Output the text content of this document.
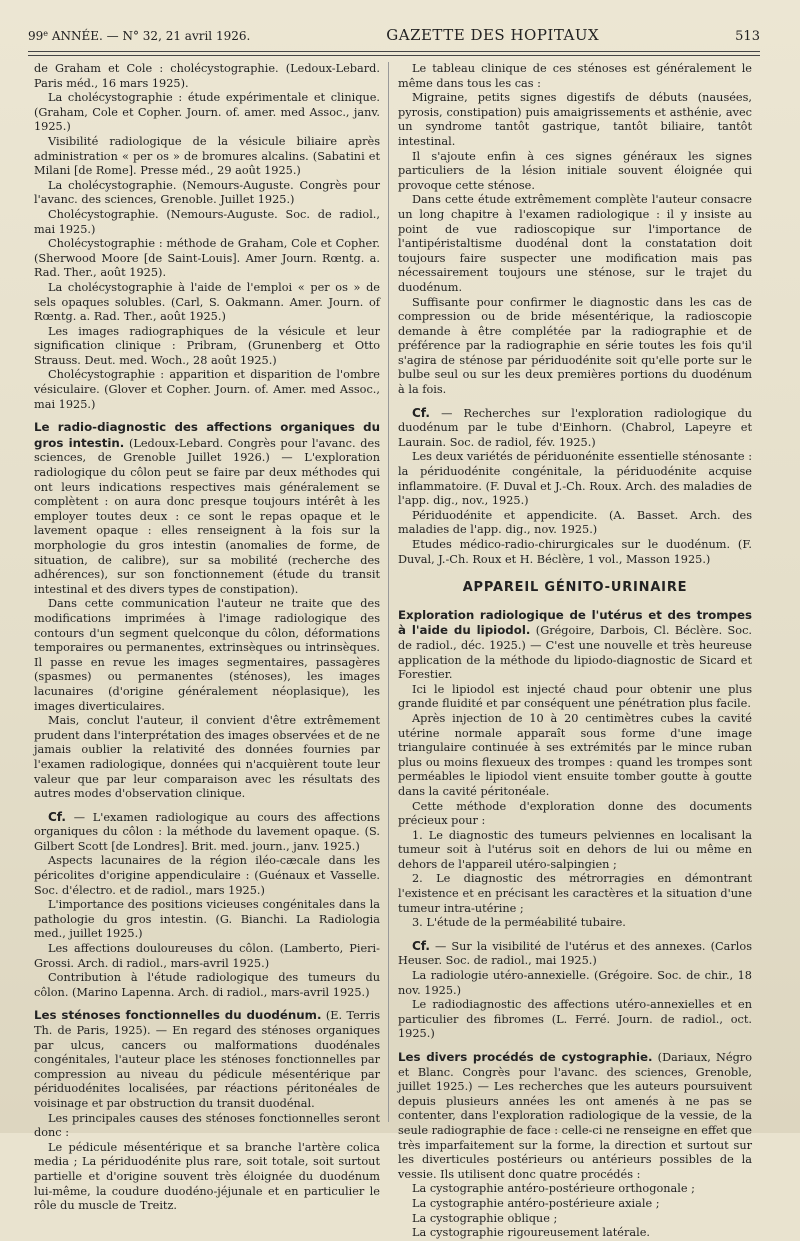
99e ANNÉE. — N° 32, 21 avril 1926.	GAZETTE DES HOPITAUX	513

de Graham et Cole : cholécystographie. (Ledoux-Lebard. Paris méd., 16 mars 1925).

La cholécystographie : étude expérimentale et clinique. (Graham, Cole et Copher. Journ. of. amer. med Assoc., janv. 1925.)

Visibilité radiologique de la vésicule biliaire après administration « per os » de bromures alcalins. (Sabatini et Milani [de Rome]. Presse méd., 29 août 1925.)

La cholécystographie. (Nemours-Auguste. Congrès pour l'avanc. des sciences, Grenoble. Juillet 1925.)

Cholécystographie. (Nemours-Auguste. Soc. de radiol., mai 1925.)

Cholécystographie : méthode de Graham, Cole et Copher. (Sherwood Moore [de Saint-Louis]. Amer Journ. Rœntg. a. Rad. Ther., août 1925).

La cholécystographie à l'aide de l'emploi « per os » de sels opaques solubles. (Carl, S. Oakmann. Amer. Journ. of Rœntg. a. Rad. Ther., août 1925.)

Les images radiographiques de la vésicule et leur signification clinique : Pribram, (Grunenberg et Otto Strauss. Deut. med. Woch., 28 août 1925.)

Cholécystographie : apparition et disparition de l'ombre vésiculaire. (Glover et Copher. Journ. of. Amer. med Assoc., mai 1925.)

Le radio-diagnostic des affections organiques du gros intestin. (Ledoux-Lebard. Congrès pour l'avanc. des sciences, de Grenoble Juillet 1926.) — L'exploration radiologique du côlon peut se faire par deux méthodes qui ont leurs indications respectives mais généralement se complètent : on aura donc presque toujours intérêt à les employer toutes deux : ce sont le repas opaque et le lavement opaque : elles renseignent à la fois sur la morphologie du gros intestin (anomalies de forme, de situation, de calibre), sur sa mobilité (recherche des adhérences), sur son fonctionnement (étude du transit intestinal et des divers types de constipation).

Dans cette communication l'auteur ne traite que des modifications imprimées à l'image radiologique des contours d'un segment quelconque du côlon, déformations temporaires ou permanentes, extrinsèques ou intrinsèques. Il passe en revue les images segmentaires, passagères (spasmes) ou permanentes (sténoses), les images lacunaires (d'origine généralement néoplasique), les images diverticulaires.

Mais, conclut l'auteur, il convient d'être extrêmement prudent dans l'interprétation des images observées et de ne jamais oublier la relativité des données fournies par l'examen radiologique, données qui n'acquièrent toute leur valeur que par leur comparaison avec les résultats des autres modes d'observation clinique.

Cf. — L'examen radiologique au cours des affections organiques du côlon : la méthode du lavement opaque. (S. Gilbert Scott [de Londres]. Brit. med. journ., janv. 1925.)

Aspects lacunaires de la région iléo-cæcale dans les péricolites d'origine appendiculaire : (Guénaux et Vasselle. Soc. d'électro. et de radiol., mars 1925.)

L'importance des positions vicieuses congénitales dans la pathologie du gros intestin. (G. Bianchi. La Radiologia med., juillet 1925.)

Les affections douloureuses du côlon. (Lamberto, Pieri-Grossi. Arch. di radiol., mars-avril 1925.)

Contribution à l'étude radiologique des tumeurs du côlon. (Marino Lapenna. Arch. di radiol., mars-avril 1925.)

Les sténoses fonctionnelles du duodénum. (E. Terris Th. de Paris, 1925). — En regard des sténoses organiques par ulcus, cancers ou malformations duodénales congénitales, l'auteur place les sténoses fonctionnelles par compression au niveau du pédicule mésentérique par périduodénites localisées, par réactions péritonéales de voisinage et par obstruction du transit duodénal.

Les principales causes des sténoses fonctionnelles seront donc :

Le pédicule mésentérique et sa branche l'artère colica media ; La périduodénite plus rare, soit totale, soit surtout partielle et d'origine souvent très éloignée du duodénum lui-même, la coudure duodéno-jéjunale et en particulier le rôle du muscle de Treitz.

Le tableau clinique de ces sténoses est généralement le même dans tous les cas :

Migraine, petits signes digestifs de débuts (nausées, pyrosis, constipation) puis amaigrissements et asthénie, avec un syndrome tantôt gastrique, tantôt biliaire, tantôt intestinal.

Il s'ajoute enfin à ces signes généraux les signes particuliers de la lésion initiale souvent éloignée qui provoque cette sténose.

Dans cette étude extrêmement complète l'auteur consacre un long chapitre à l'examen radiologique : il y insiste au point de vue radioscopique sur l'importance de l'antipéristaltisme duodénal dont la constatation doit toujours faire suspecter une modification mais pas nécessairement toujours une sténose, sur le trajet du duodénum.

Suffisante pour confirmer le diagnostic dans les cas de compression ou de bride mésentérique, la radioscopie demande à être complétée par la radiographie et de préférence par la radiographie en série toutes les fois qu'il s'agira de sténose par périduodénite soit qu'elle porte sur le bulbe seul ou sur les deux premières portions du duodénum à la fois.

Cf. — Recherches sur l'exploration radiologique du duodénum par le tube d'Einhorn. (Chabrol, Lapeyre et Laurain. Soc. de radiol, fév. 1925.)

Les deux variétés de périduonénite essentielle sténosante : la périduodénite congénitale, la périduodénite acquise inflammatoire. (F. Duval et J.-Ch. Roux. Arch. des maladies de l'app. dig., nov., 1925.)

Périduodénite et appendicite. (A. Basset. Arch. des maladies de l'app. dig., nov. 1925.)

Etudes médico-radio-chirurgicales sur le duodénum. (F. Duval, J.-Ch. Roux et H. Béclère, 1 vol., Masson 1925.)

APPAREIL GÉNITO-URINAIRE

Exploration radiologique de l'utérus et des trompes à l'aide du lipiodol. (Grégoire, Darbois, Cl. Béclère. Soc. de radiol., déc. 1925.) — C'est une nouvelle et très heureuse application de la méthode du lipiodo-diagnostic de Sicard et Forestier.

Ici le lipiodol est injecté chaud pour obtenir une plus grande fluidité et par conséquent une pénétration plus facile.

Après injection de 10 à 20 centimètres cubes la cavité utérine normale apparaît sous forme d'une image triangulaire continuée à ses extrémités par le mince ruban plus ou moins flexueux des trompes : quand les trompes sont perméables le lipiodol vient ensuite tomber goutte à goutte dans la cavité péritonéale.

Cette méthode d'exploration donne des documents précieux pour :

1. Le diagnostic des tumeurs pelviennes en localisant la tumeur soit à l'utérus soit en dehors de lui ou même en dehors de l'appareil utéro-salpingien ;

2. Le diagnostic des métrorragies en démontrant l'existence et en précisant les caractères et la situation d'une tumeur intra-utérine ;

3. L'étude de la perméabilité tubaire.

Cf. — Sur la visibilité de l'utérus et des annexes. (Carlos Heuser. Soc. de radiol., mai 1925.)

La radiologie utéro-annexielle. (Grégoire. Soc. de chir., 18 nov. 1925.)

Le radiodiagnostic des affections utéro-annexielles et en particulier des fibromes (L. Ferré. Journ. de radiol., oct. 1925.)

Les divers procédés de cystographie. (Dariaux, Négro et Blanc. Congrès pour l'avanc. des sciences, Grenoble, juillet 1925.) — Les recherches que les auteurs poursuivent depuis plusieurs années les ont amenés à ne pas se contenter, dans l'exploration radiologique de la vessie, de la seule radiographie de face : celle-ci ne renseigne en effet que très imparfaitement sur la forme, la direction et surtout sur les diverticules postérieurs ou antérieurs possibles de la vessie. Ils utilisent donc quatre procédés :

La cystographie antéro-postérieure orthogonale ;

La cystographie antéro-postérieure axiale ;

La cystographie oblique ;

La cystographie rigoureusement latérale.
